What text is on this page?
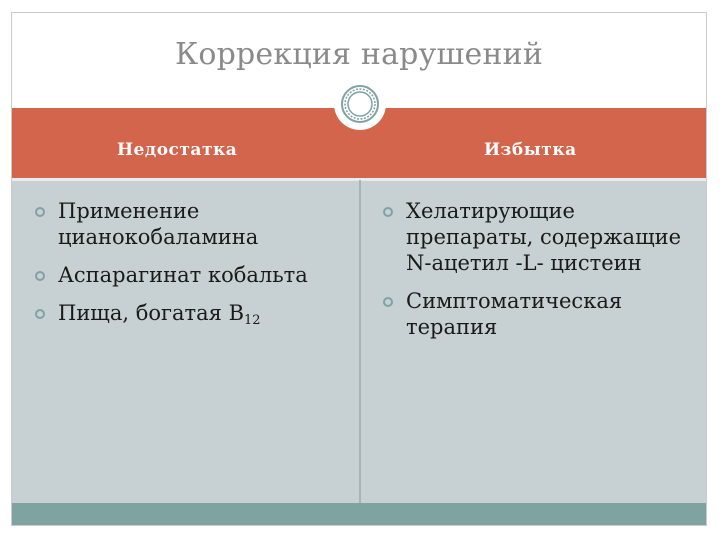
Коррекция нарушений
Недостатка	Избытка
Применение цианокобаламина
Аспарагинат кобальта
Пища, богатая $B_{12}$
Хелатирующие препараты, содержащие N-ацетил -L- цистеин
Симптоматическая терапия
